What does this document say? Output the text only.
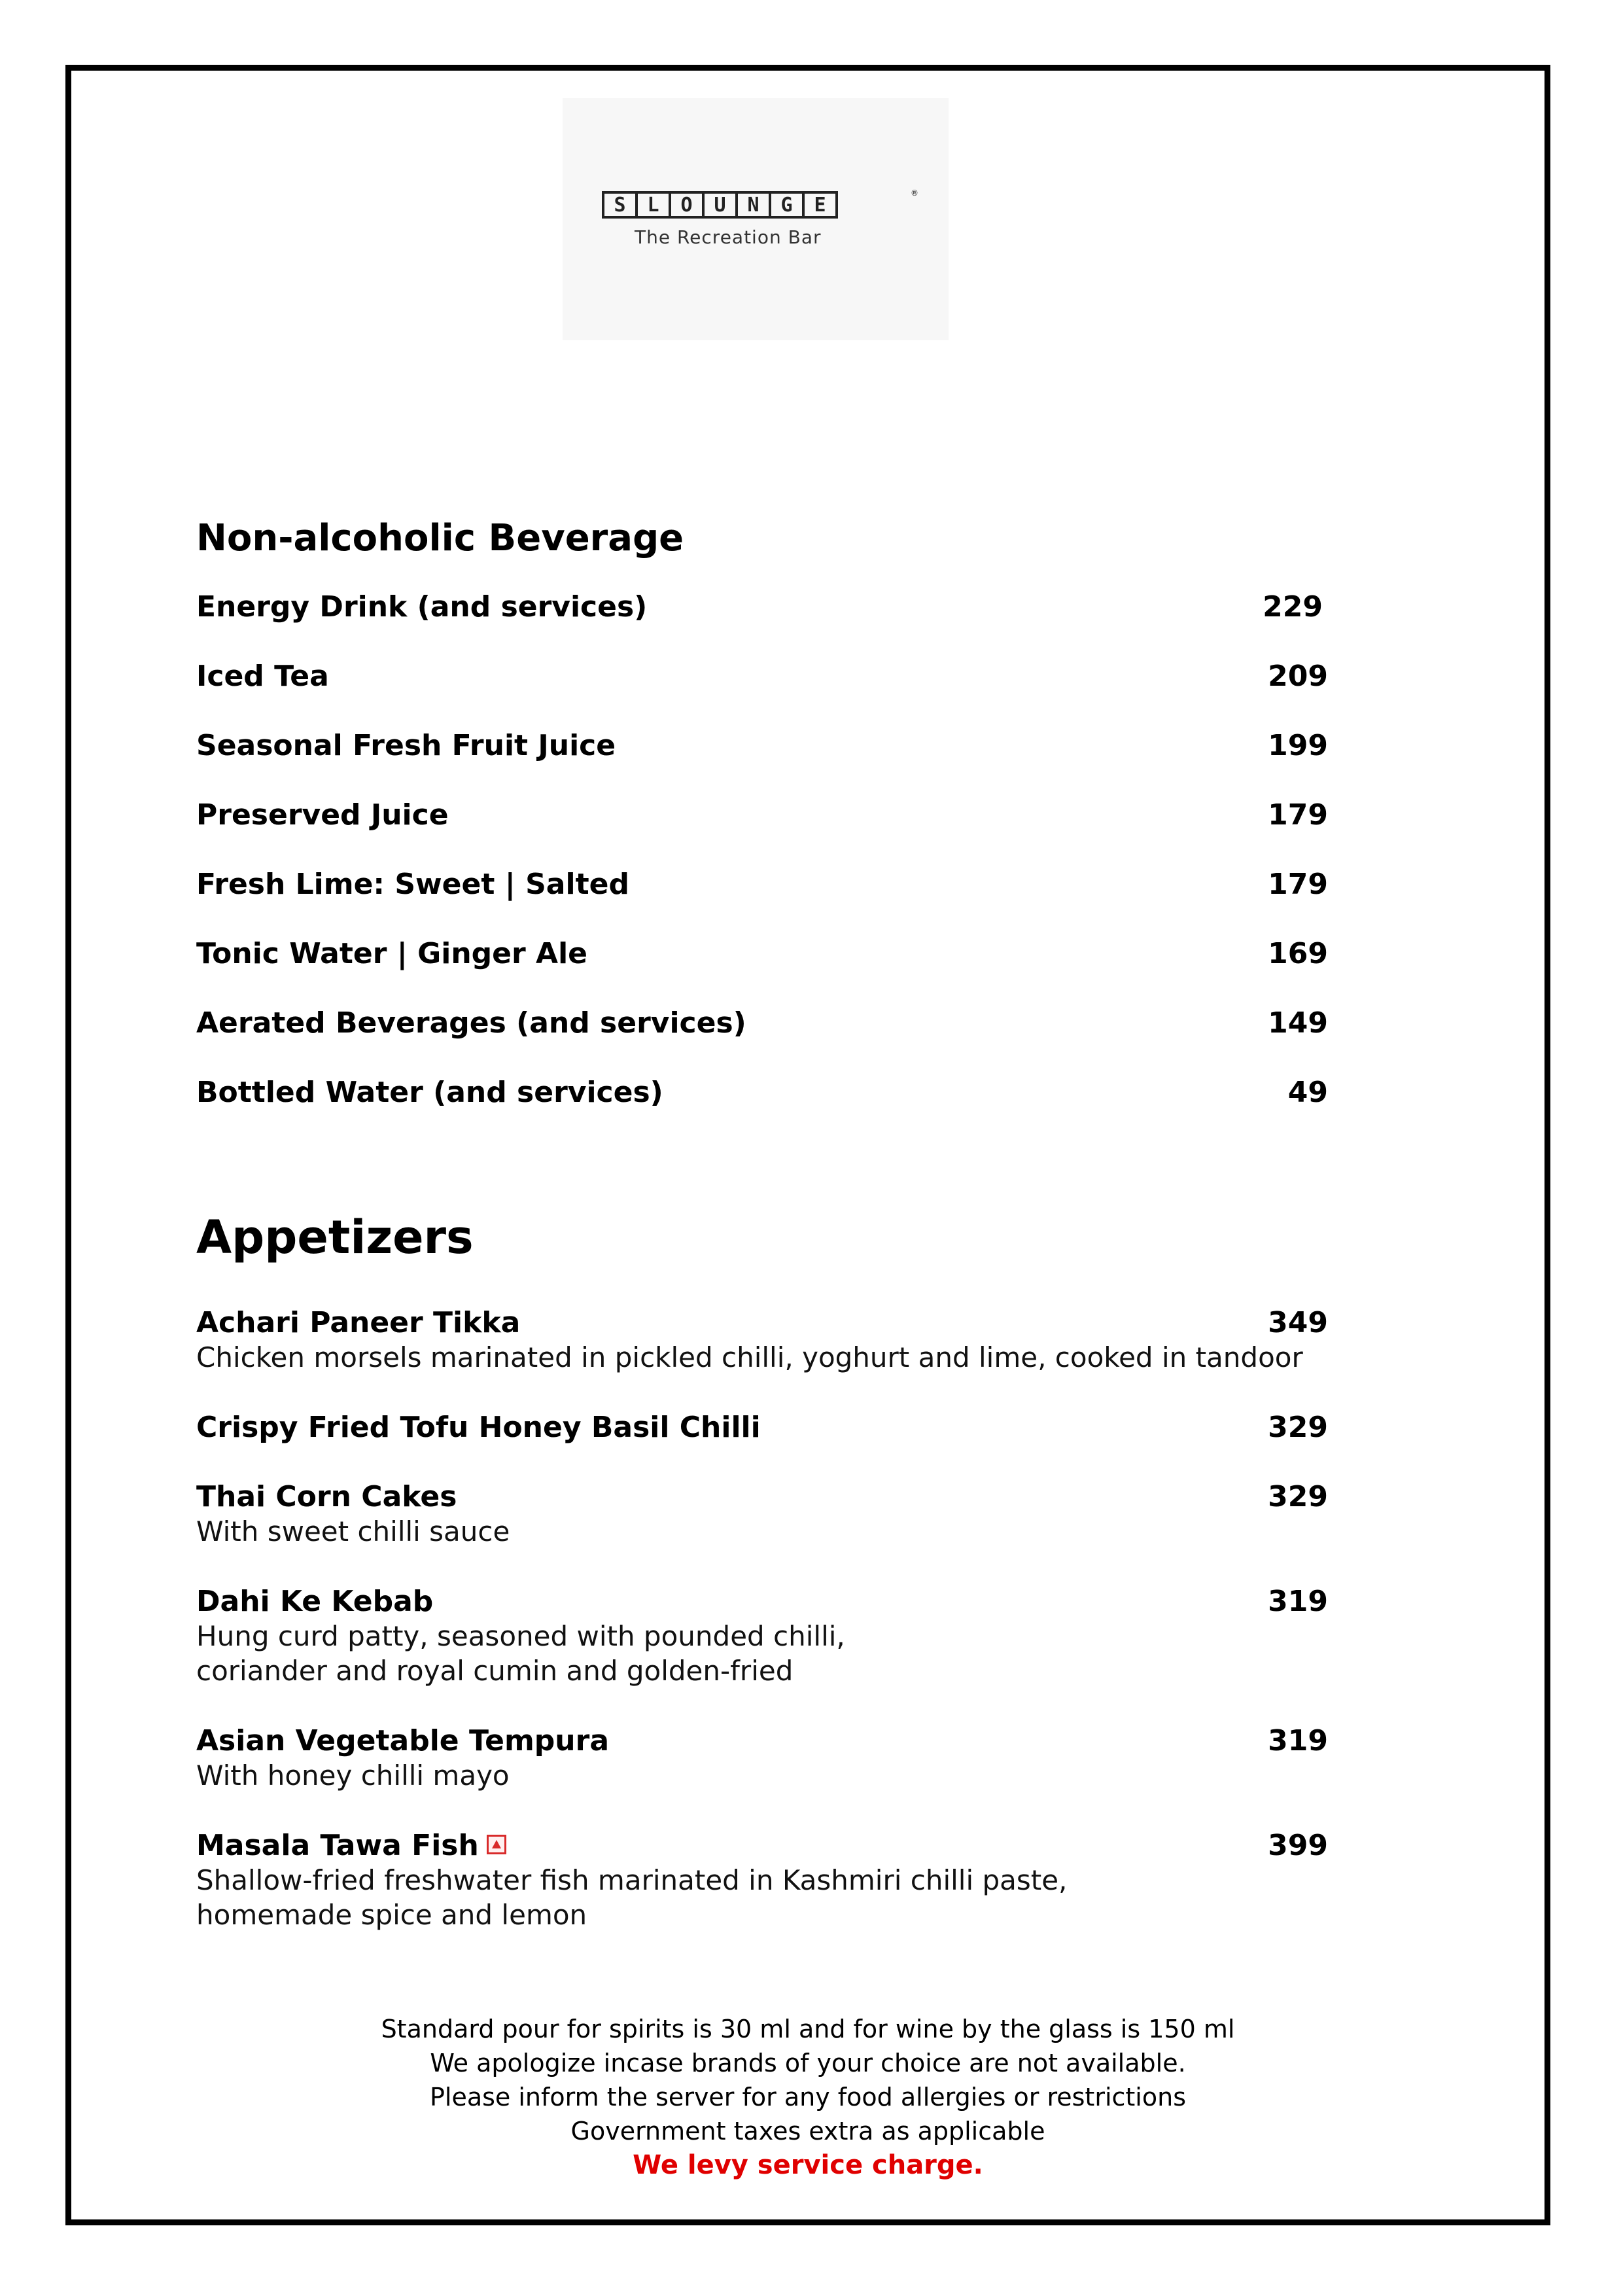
S	L	O	U	N	G	E
®
The Recreation Bar
Non-alcoholic Beverage
Energy Drink (and services)	229
Iced Tea	209
Seasonal Fresh Fruit Juice	199
Preserved Juice	179
Fresh Lime: Sweet | Salted	179
Tonic Water | Ginger Ale	169
Aerated Beverages (and services)	149
Bottled Water (and services)	49
Appetizers
Achari Paneer Tikka	349
Chicken morsels marinated in pickled chilli, yoghurt and lime, cooked in tandoor
Crispy Fried Tofu Honey Basil Chilli	329
Thai Corn Cakes	329
With sweet chilli sauce
Dahi Ke Kebab	319
Hung curd patty, seasoned with pounded chilli,
coriander and royal cumin and golden-fried
Asian Vegetable Tempura	319
With honey chilli mayo
Masala Tawa Fish	399
Shallow-fried freshwater fish marinated in Kashmiri chilli paste,
homemade spice and lemon
Standard pour for spirits is 30 ml and for wine by the glass is 150 ml
We apologize incase brands of your choice are not available.
Please inform the server for any food allergies or restrictions
Government taxes extra as applicable
We levy service charge.
